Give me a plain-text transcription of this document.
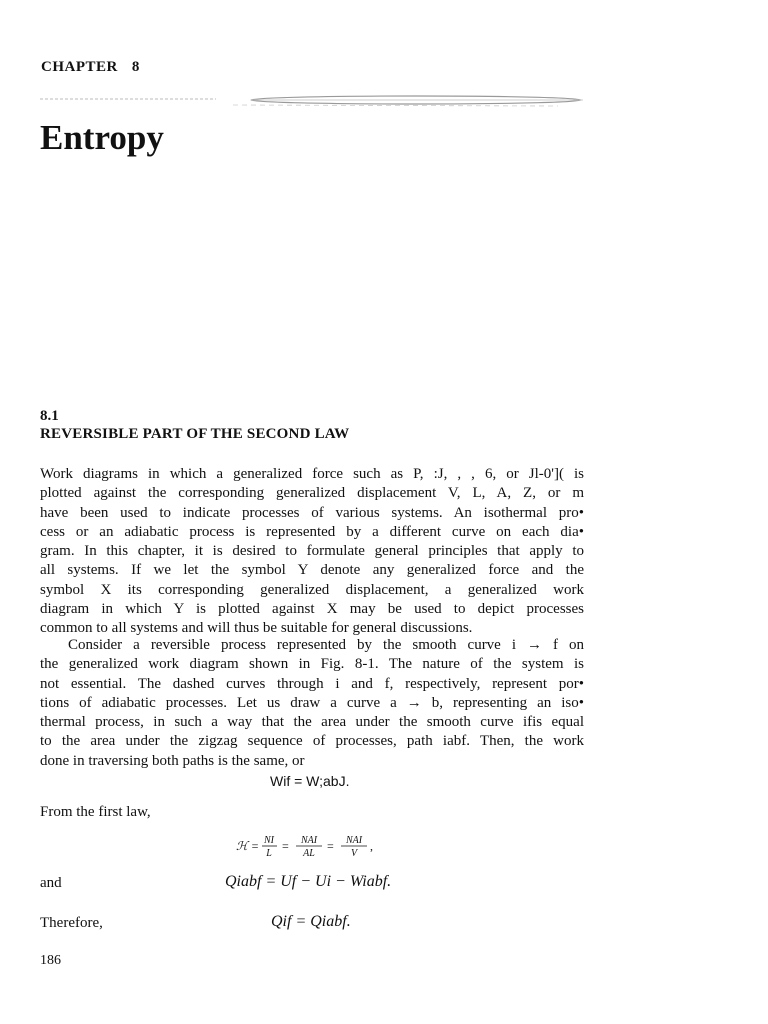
CHAPTER 8
Entropy
8.1
REVERSIBLE PART OF THE SECOND LAW
Work diagrams in which a generalized force such as P, :J, , , 6, or Jl-0']( is
plotted against the corresponding generalized displacement V, L, A, Z, or m
have been used to indicate processes of various systems. An isothermal pro•
cess or an adiabatic process is represented by a different curve on each dia•
gram. In this chapter, it is desired to formulate general principles that apply to
all systems. If we let the symbol Y denote any generalized force and the
symbol X its corresponding generalized displacement, a generalized work
diagram in which Y is plotted against X may be used to depict processes
common to all systems and will thus be suitable for general discussions.
Consider a reversible process represented by the smooth curve i → f on
the generalized work diagram shown in Fig. 8-1. The nature of the system is
not essential. The dashed curves through i and f, respectively, represent por•
tions of adiabatic processes. Let us draw a curve a → b, representing an iso•
thermal process, in such a way that the area under the smooth curve ifis equal
to the area under the zigzag sequence of processes, path iabf. Then, the work
done in traversing both paths is the same, or
Wif = W;abJ.
From the first law,
ℋ = NI
L
= NAI
AL
= NAI
V
,
and	Qiabf = Uf − Ui − Wiabf.
Therefore,	Qif = Qiabf.
186
